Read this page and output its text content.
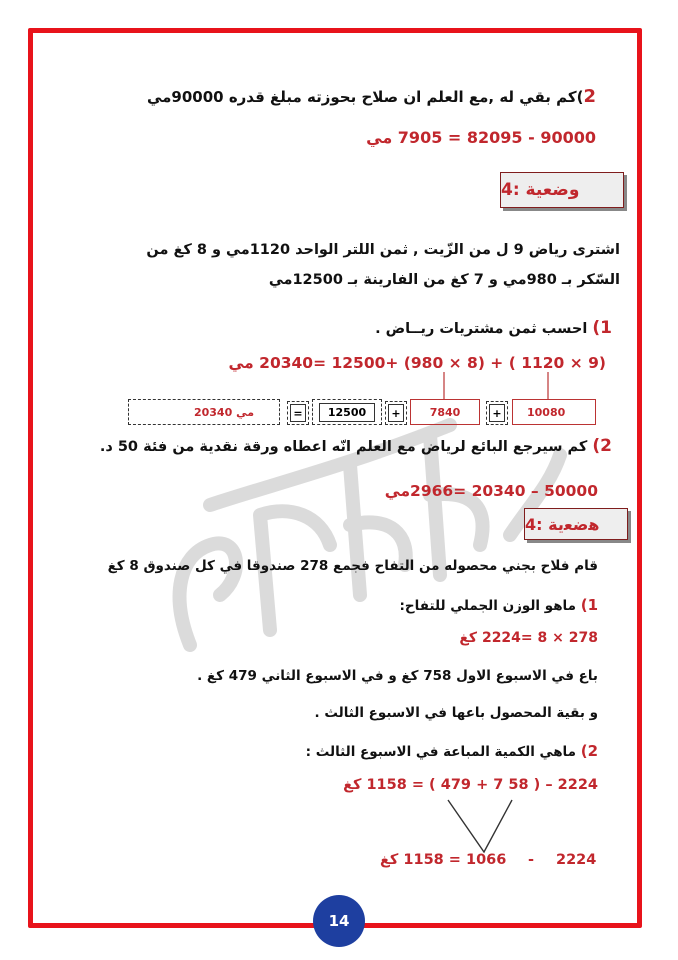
2)كم بقي له ,مع العلم ان صلاح بحوزته مبلغ قدره 90000مي
90000 - 82095 = 7905 مي
وضعية :4
اشترى رياض 9 ل من الزّيت , ثمن اللتر الواحد 1120مي و 8 كغ من
السّكر بـ 980مي و 7 كغ من الفارينة بـ 12500مي
1) احسب ثمن مشتريات ريــاض .
(9 × 1120 ) + (8 × 980) +12500 =20340 مي
20340 مي	=	12500	+	7840	+	10080
2) كم سيرجع البائع لرياض مع العلم انّه اعطاه ورقة نقدية من فئة 50 د.
50000 – 20340 =2966مي
ﻫﺿﻌﻳﺔ :4
قام فلاح بجني محصوله من التفاح فجمع 278 صندوقا في كل صندوق 8 كغ
1) ماهو الوزن الجملي للتفاح:
278 × 8 =2224 كغ
باع في الاسبوع الاول 758 كغ و في الاسبوع الثاني 479 كغ .
و بقية المحصول باعها في الاسبوع الثالث .
2) ماهي الكمية المباعة في الاسبوع الثالث :
2224 – ( 58 7 + 479 ) = 1158 كغ
= 1158 كغ 1066 - 2224
14
